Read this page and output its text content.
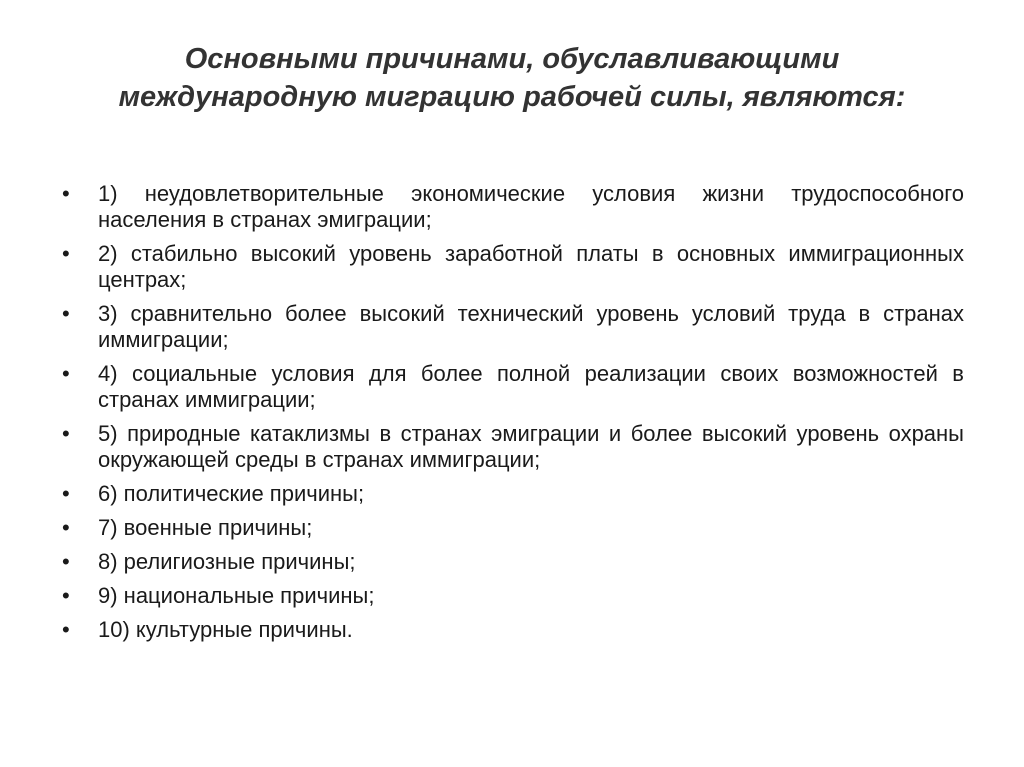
Основными причинами, обуславливающими
международную миграцию рабочей силы, являются:
•	1) неудовлетворительные экономические условия жизни трудоспособного населения в странах эмиграции;
•	2) стабильно высокий уровень заработной платы в основных иммиграционных центрах;
•	3) сравнительно более высокий технический уровень условий труда в странах иммиграции;
•	4) социальные условия для более полной реализации своих возможностей в странах иммиграции;
•	5) природные катаклизмы в странах эмиграции и более высокий уровень охраны окружающей среды в странах иммиграции;
•	6) политические причины;
•	7) военные причины;
•	8) религиозные причины;
•	9) национальные причины;
•	10) культурные причины.
